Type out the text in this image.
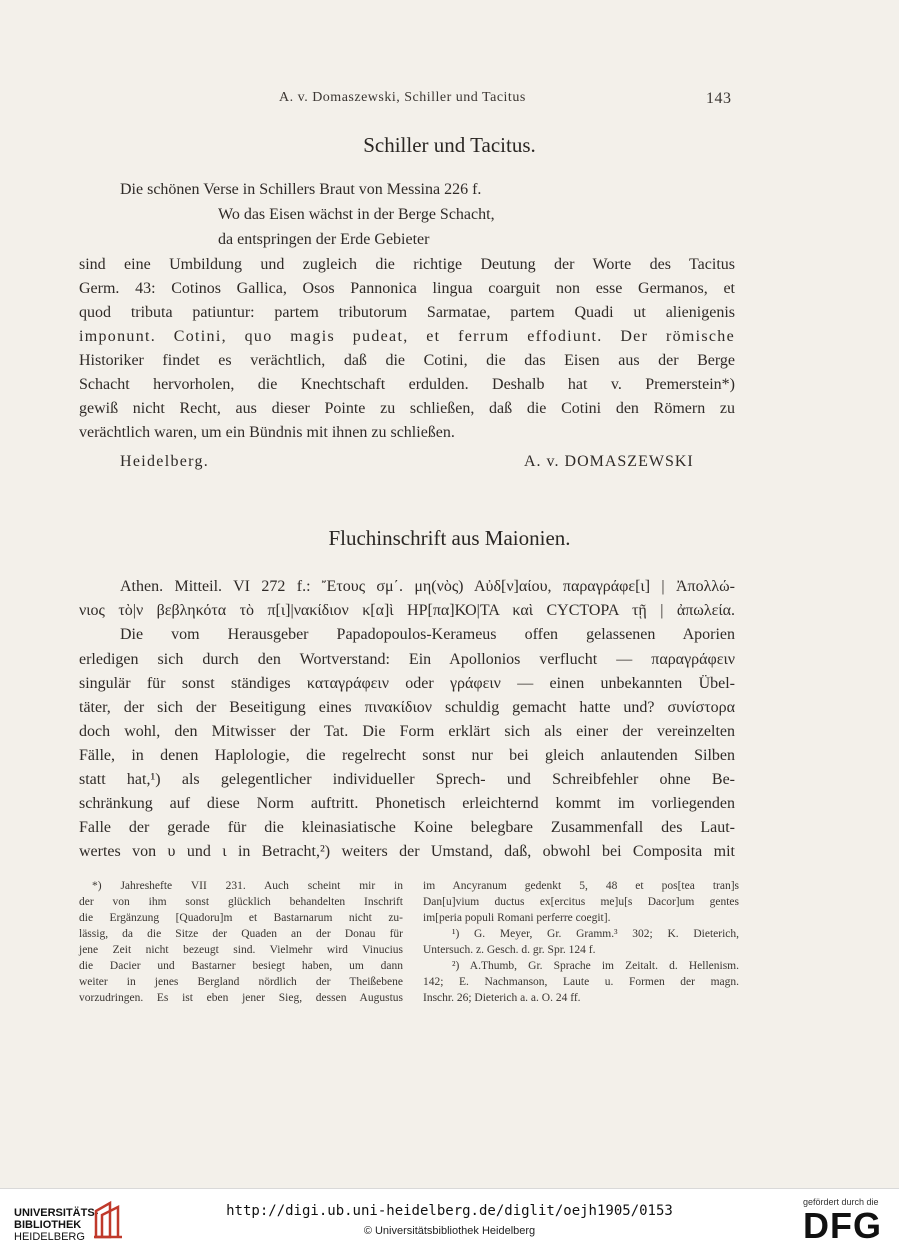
A. v. Domaszewski, Schiller und Tacitus	143
Schiller und Tacitus.
Die schönen Verse in Schillers Braut von Messina 226 f.
Wo das Eisen wächst in der Berge Schacht,
da entspringen der Erde Gebieter
sind eine Umbildung und zugleich die richtige Deutung der Worte des Tacitus
Germ. 43: Cotinos Gallica, Osos Pannonica lingua coarguit non esse Germanos, et
quod tributa patiuntur: partem tributorum Sarmatae, partem Quadi ut alienigenis
imponunt. Cotini, quo magis pudeat, et ferrum effodiunt. Der römische
Historiker findet es verächtlich, daß die Cotini, die das Eisen aus der Berge
Schacht hervorholen, die Knechtschaft erdulden. Deshalb hat v. Premerstein*)
gewiß nicht Recht, aus dieser Pointe zu schließen, daß die Cotini den Römern zu
verächtlich waren, um ein Bündnis mit ihnen zu schließen.
Heidelberg.	A. v. DOMASZEWSKI
Fluchinschrift aus Maionien.
Athen. Mitteil. VI 272 f.: Ἔτους σμ΄. μη(νὸς) Αὐδ[ν]αίου, παραγράφε[ι] | Ἀπολλώ-
νιος τὸ|ν βεβληκότα τὸ π[ι]|νακίδιον κ[α]ὶ ΗΡ[πα]ΚΟ|ΤΑ καὶ CYCTOPA τῇ | ἀπωλεία.
Die vom Herausgeber Papadopoulos-Kerameus offen gelassenen Aporien
erledigen sich durch den Wortverstand: Ein Apollonios verflucht — παραγράφειν
singulär für sonst ständiges καταγράφειν oder γράφειν — einen unbekannten Übel-
täter, der sich der Beseitigung eines πινακίδιον schuldig gemacht hatte und? συνίστορα
doch wohl, den Mitwisser der Tat. Die Form erklärt sich als einer der vereinzelten
Fälle, in denen Haplologie, die regelrecht sonst nur bei gleich anlautenden Silben
statt hat,¹) als gelegentlicher individueller Sprech- und Schreibfehler ohne Be-
schränkung auf diese Norm auftritt. Phonetisch erleichternd kommt im vorliegenden
Falle der gerade für die kleinasiatische Koine belegbare Zusammenfall des Laut-
wertes von υ und ι in Betracht,²) weiters der Umstand, daß, obwohl bei Composita mit
*) Jahreshefte VII 231. Auch scheint mir in
der von ihm sonst glücklich behandelten Inschrift
die Ergänzung [Quadoru]m et Bastarnarum nicht zu-
lässig, da die Sitze der Quaden an der Donau für
jene Zeit nicht bezeugt sind. Vielmehr wird Vinucius
die Dacier und Bastarner besiegt haben, um dann
weiter in jenes Bergland nördlich der Theißebene
vorzudringen. Es ist eben jener Sieg, dessen Augustus
im Ancyranum gedenkt 5, 48 et pos[tea tran]s
Dan[u]vium ductus ex[ercitus me]u[s Dacor]um gentes
im[peria populi Romani perferre coegit].
¹) G. Meyer, Gr. Gramm.³ 302; K. Dieterich,
Untersuch. z. Gesch. d. gr. Spr. 124 f.
²) A.Thumb, Gr. Sprache im Zeitalt. d. Hellenism.
142; E. Nachmanson, Laute u. Formen der magn.
Inschr. 26; Dieterich a. a. O. 24 ff.
UNIVERSITÄTS-
BIBLIOTHEK
HEIDELBERG
http://digi.ub.uni-heidelberg.de/diglit/oejh1905/0153
© Universitätsbibliothek Heidelberg
gefördert durch die
DFG
